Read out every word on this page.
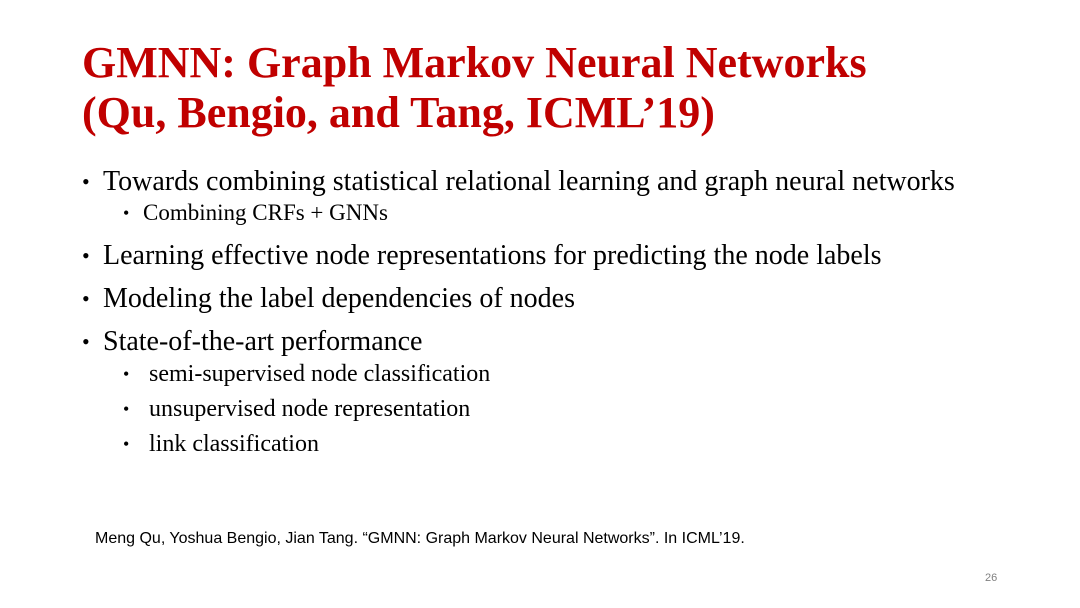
GMNN: Graph Markov Neural Networks
(Qu, Bengio, and Tang, ICML’19)
• Towards combining statistical relational learning and graph neural networks
• Combining CRFs + GNNs
• Learning effective node representations for predicting the node labels
• Modeling the label dependencies of nodes
• State-of-the-art performance
• semi-supervised node classification
• unsupervised node representation
• link classification
Meng Qu, Yoshua Bengio, Jian Tang. “GMNN: Graph Markov Neural Networks”. In ICML’19.
26
